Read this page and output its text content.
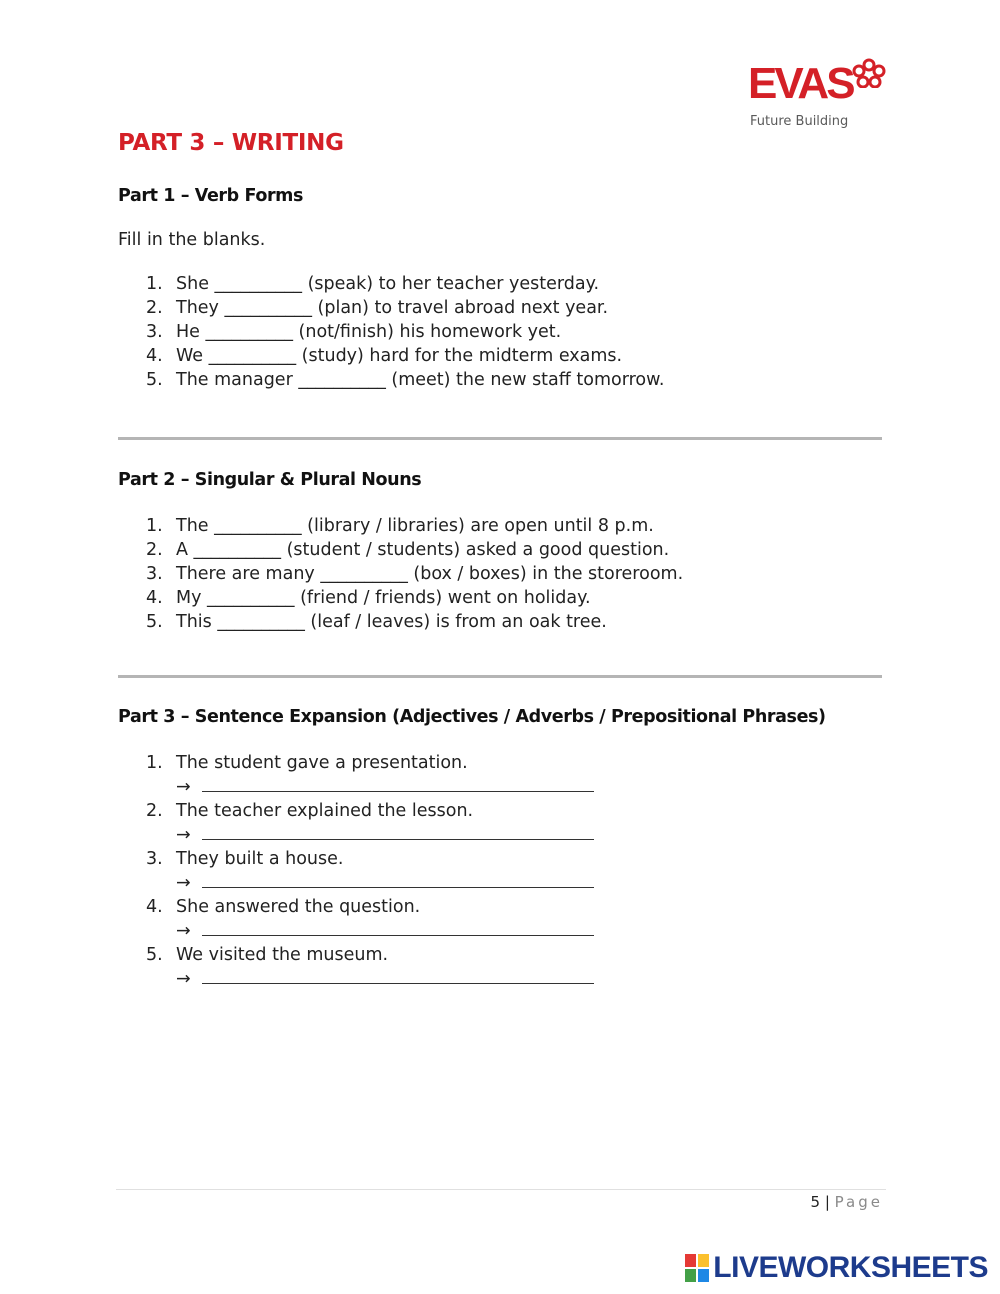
EVAS
Future Building
PART 3 – WRITING
Part 1 – Verb Forms
Fill in the blanks.
1. She __________ (speak) to her teacher yesterday.
2. They __________ (plan) to travel abroad next year.
3. He __________ (not/finish) his homework yet.
4. We __________ (study) hard for the midterm exams.
5. The manager __________ (meet) the new staff tomorrow.
Part 2 – Singular & Plural Nouns
1. The __________ (library / libraries) are open until 8 p.m.
2. A __________ (student / students) asked a good question.
3. There are many __________ (box / boxes) in the storeroom.
4. My __________ (friend / friends) went on holiday.
5. This __________ (leaf / leaves) is from an oak tree.
Part 3 – Sentence Expansion (Adjectives / Adverbs / Prepositional Phrases)
1. The student gave a presentation.
→
2. The teacher explained the lesson.
→
3. They built a house.
→
4. She answered the question.
→
5. We visited the museum.
→
5 | Page
LIVEWORKSHEETS
